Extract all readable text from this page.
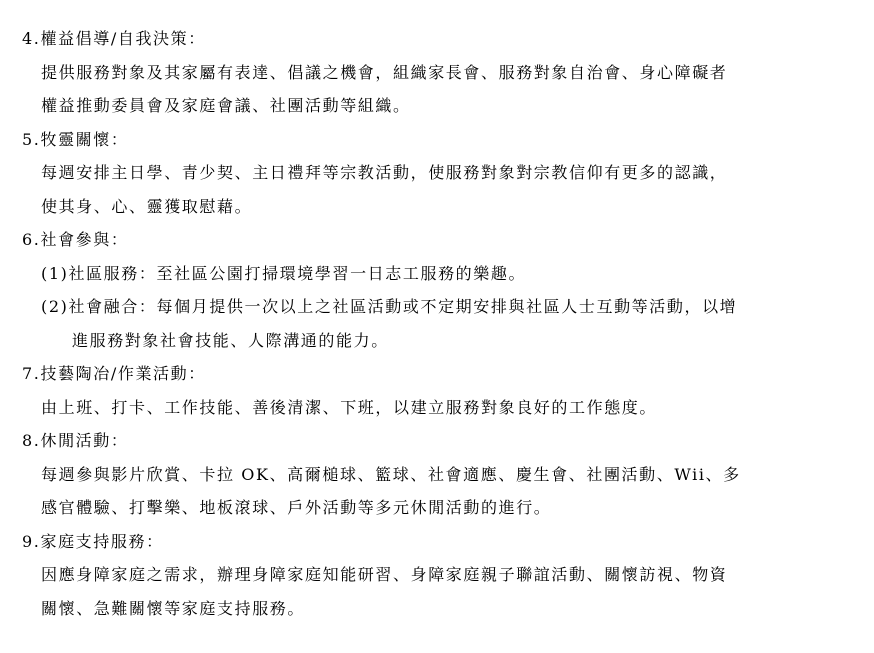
4.權益倡導/自我決策：
提供服務對象及其家屬有表達、倡議之機會，組織家長會、服務對象自治會、身心障礙者
權益推動委員會及家庭會議、社團活動等組織。
5.牧靈關懷：
每週安排主日學、青少契、主日禮拜等宗教活動，使服務對象對宗教信仰有更多的認識，
使其身、心、靈獲取慰藉。
6.社會參與：
(1)社區服務：至社區公園打掃環境學習一日志工服務的樂趣。
(2)社會融合：每個月提供一次以上之社區活動或不定期安排與社區人士互動等活動，以增
進服務對象社會技能、人際溝通的能力。
7.技藝陶冶/作業活動：
由上班、打卡、工作技能、善後清潔、下班，以建立服務對象良好的工作態度。
8.休閒活動：
每週參與影片欣賞、卡拉 OK、高爾槌球、籃球、社會適應、慶生會、社團活動、Wii、多
感官體驗、打擊樂、地板滾球、戶外活動等多元休閒活動的進行。
9.家庭支持服務：
因應身障家庭之需求，辦理身障家庭知能研習、身障家庭親子聯誼活動、關懷訪視、物資
關懷、急難關懷等家庭支持服務。
